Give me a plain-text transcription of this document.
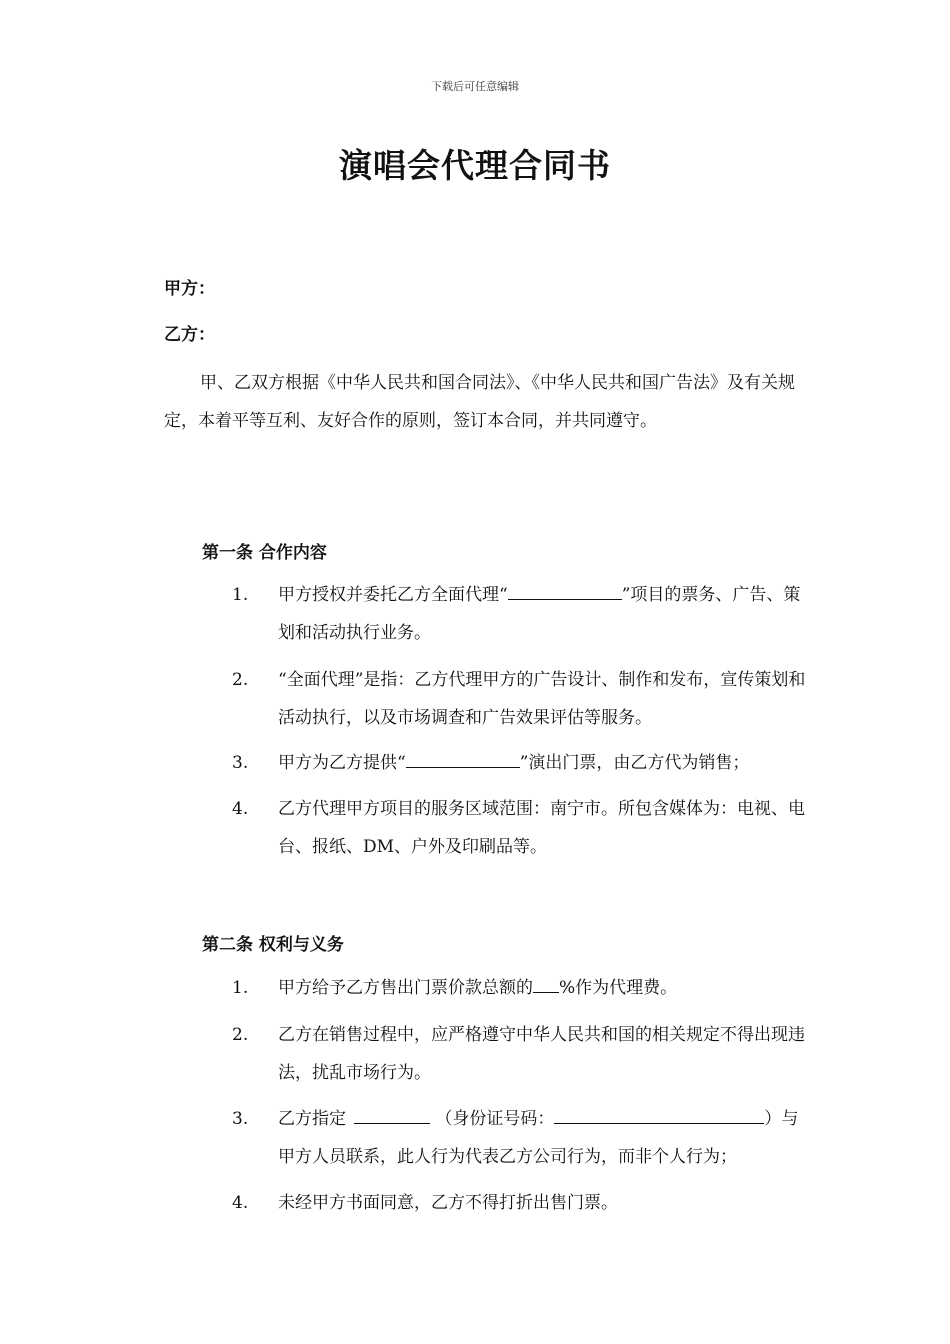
下载后可任意编辑
演唱会代理合同书
甲方：
乙方：
甲、乙双方根据《中华人民共和国合同法》、《中华人民共和国广告法》及有关规定，本着平等互利、友好合作的原则，签订本合同，并共同遵守。
第一条 合作内容
1.	甲方授权并委托乙方全面代理“	”项目的票务、广告、策划和活动执行业务。
2.	“全面代理”是指：乙方代理甲方的广告设计、制作和发布，宣传策划和活动执行，以及市场调查和广告效果评估等服务。
3.	甲方为乙方提供“	”演出门票，由乙方代为销售；
4.	乙方代理甲方项目的服务区域范围：南宁市。所包含媒体为：电视、电台、报纸、DM、户外及印刷品等。
第二条 权利与义务
1.	甲方给予乙方售出门票价款总额的 %作为代理费。
2.	乙方在销售过程中，应严格遵守中华人民共和国的相关规定不得出现违法，扰乱市场行为。
3.	乙方指定	（身份证号码：	）与甲方人员联系，此人行为代表乙方公司行为，而非个人行为；
4.	未经甲方书面同意，乙方不得打折出售门票。
